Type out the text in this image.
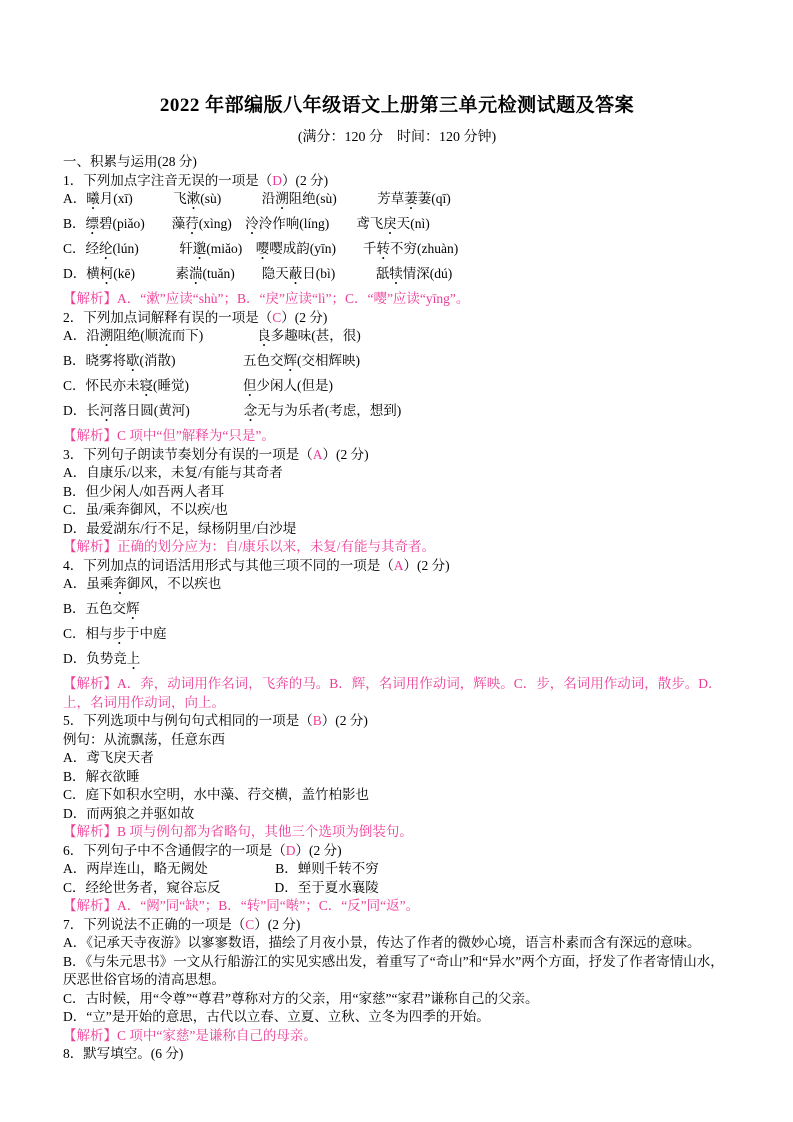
2022 年部编版八年级语文上册第三单元检测试题及答案
(满分：120 分　时间：120 分钟)
一、积累与运用(28 分)
1．下列加点字注音无误的一项是（D）(2 分)
A．曦月(xī)　　　飞漱(sù)　　　沿溯阻绝(sù)　　　芳草萋萋(qī)
B．缥碧(piǎo)　　藻荇(xìng)　泠泠作响(líng)　　鸢飞戾天(nì)
C．经纶(lún)　　　轩邈(miǎo)　嘤嘤成韵(yīn)　　千转不穷(zhuàn)
D．横柯(kē)　　　素湍(tuǎn)　　隐天蔽日(bì)　　　舐犊情深(dú)
【解析】A．“漱”应读“shù”；B．“戾”应读“lì”；C．“嘤”应读“yīng”。
2．下列加点词解释有误的一项是（C）(2 分)
A．沿溯阻绝(顺流而下)　　　　良多趣味(甚，很)
B．晓雾将歇(消散)　　　　　五色交辉(交相辉映)
C．怀民亦未寝(睡觉)　　　　但少闲人(但是)
D．长河落日圆(黄河)　　　　念无与为乐者(考虑，想到)
【解析】C 项中“但”解释为“只是”。
3．下列句子朗读节奏划分有误的一项是（A）(2 分)
A．自康乐/以来，未复/有能与其奇者
B．但少闲人/如吾两人者耳
C．虽/乘奔御风，不以疾/也
D．最爱湖东/行不足，绿杨阴里/白沙堤
【解析】正确的划分应为：自/康乐以来，未复/有能与其奇者。
4．下列加点的词语活用形式与其他三项不同的一项是（A）(2 分)
A．虽乘奔御风，不以疾也
B．五色交辉
C．相与步于中庭
D．负势竞上
【解析】A．奔，动词用作名词，飞奔的马。B．辉，名词用作动词，辉映。C．步，名词用作动词，散步。D．上，名词用作动词，向上。
5．下列选项中与例句句式相同的一项是（B）(2 分)
例句：从流飘荡，任意东西
A．鸢飞戾天者
B．解衣欲睡
C．庭下如积水空明，水中藻、荇交横，盖竹柏影也
D．而两狼之并驱如故
【解析】B 项与例句都为省略句，其他三个选项为倒装句。
6．下列句子中不含通假字的一项是（D）(2 分)
A．两岸连山，略无阙处　　　　　B．蝉则千转不穷
C．经纶世务者，窥谷忘反　　　　D．至于夏水襄陵
【解析】A．“阙”同“缺”；B．“转”同“啭”；C．“反”同“返”。
7．下列说法不正确的一项是（C）(2 分)
A．《记承天寺夜游》以寥寥数语，描绘了月夜小景，传达了作者的微妙心境，语言朴素而含有深远的意味。
B．《与朱元思书》一文从行船游江的实见实感出发，着重写了“奇山”和“异水”两个方面，抒发了作者寄情山水，厌恶世俗官场的清高思想。
C．古时候，用“令尊”“尊君”尊称对方的父亲，用“家慈”“家君”谦称自己的父亲。
D．“立”是开始的意思，古代以立春、立夏、立秋、立冬为四季的开始。
【解析】C 项中“家慈”是谦称自己的母亲。
8．默写填空。(6 分)
